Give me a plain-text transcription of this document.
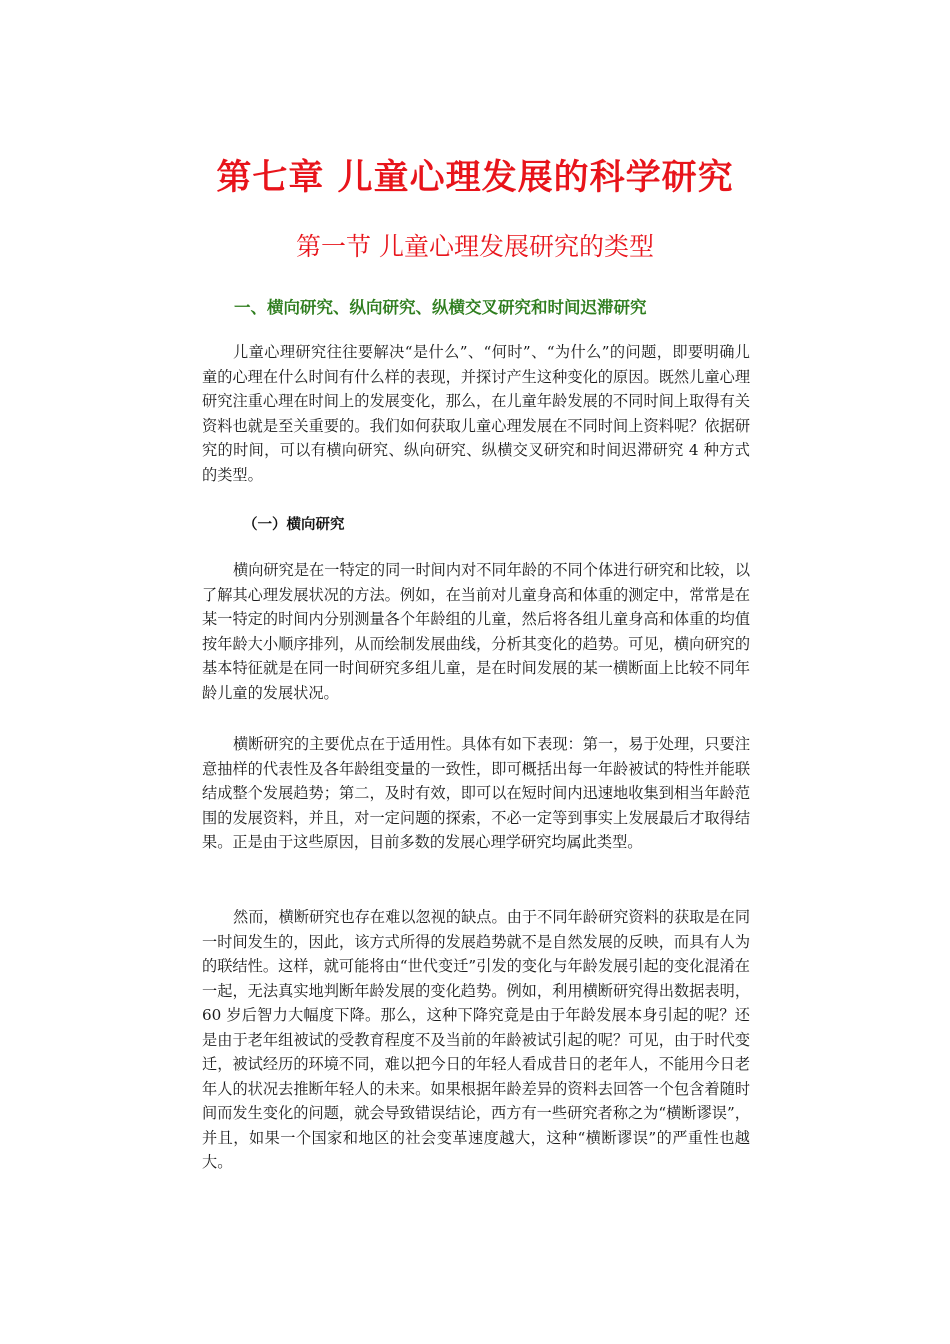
第七章 儿童心理发展的科学研究
第一节 儿童心理发展研究的类型
一、横向研究、纵向研究、纵横交叉研究和时间迟滞研究

儿童心理研究往往要解决“是什么”、“何时”、“为什么”的问题，即要明确儿童的心理在什么时间有什么样的表现，并探讨产生这种变化的原因。既然儿童心理研究注重心理在时间上的发展变化，那么，在儿童年龄发展的不同时间上取得有关资料也就是至关重要的。我们如何获取儿童心理发展在不同时间上资料呢？依据研究的时间，可以有横向研究、纵向研究、纵横交叉研究和时间迟滞研究 4 种方式的类型。

（一）横向研究

横向研究是在一特定的同一时间内对不同年龄的不同个体进行研究和比较，以了解其心理发展状况的方法。例如，在当前对儿童身高和体重的测定中，常常是在某一特定的时间内分别测量各个年龄组的儿童，然后将各组儿童身高和体重的均值按年龄大小顺序排列，从而绘制发展曲线，分析其变化的趋势。可见，横向研究的基本特征就是在同一时间研究多组儿童，是在时间发展的某一横断面上比较不同年龄儿童的发展状况。

横断研究的主要优点在于适用性。具体有如下表现：第一，易于处理，只要注意抽样的代表性及各年龄组变量的一致性，即可概括出每一年龄被试的特性并能联结成整个发展趋势；第二，及时有效，即可以在短时间内迅速地收集到相当年龄范围的发展资料，并且，对一定问题的探索，不必一定等到事实上发展最后才取得结果。正是由于这些原因，目前多数的发展心理学研究均属此类型。

然而，横断研究也存在难以忽视的缺点。由于不同年龄研究资料的获取是在同一时间发生的，因此，该方式所得的发展趋势就不是自然发展的反映，而具有人为的联结性。这样，就可能将由“世代变迁”引发的变化与年龄发展引起的变化混淆在一起，无法真实地判断年龄发展的变化趋势。例如，利用横断研究得出数据表明，60 岁后智力大幅度下降。那么，这种下降究竟是由于年龄发展本身引起的呢？还是由于老年组被试的受教育程度不及当前的年龄被试引起的呢？可见，由于时代变迁，被试经历的环境不同，难以把今日的年轻人看成昔日的老年人，不能用今日老年人的状况去推断年轻人的未来。如果根据年龄差异的资料去回答一个包含着随时间而发生变化的问题，就会导致错误结论，西方有一些研究者称之为“横断谬误”，并且，如果一个国家和地区的社会变革速度越大，这种“横断谬误”的严重性也越大。
